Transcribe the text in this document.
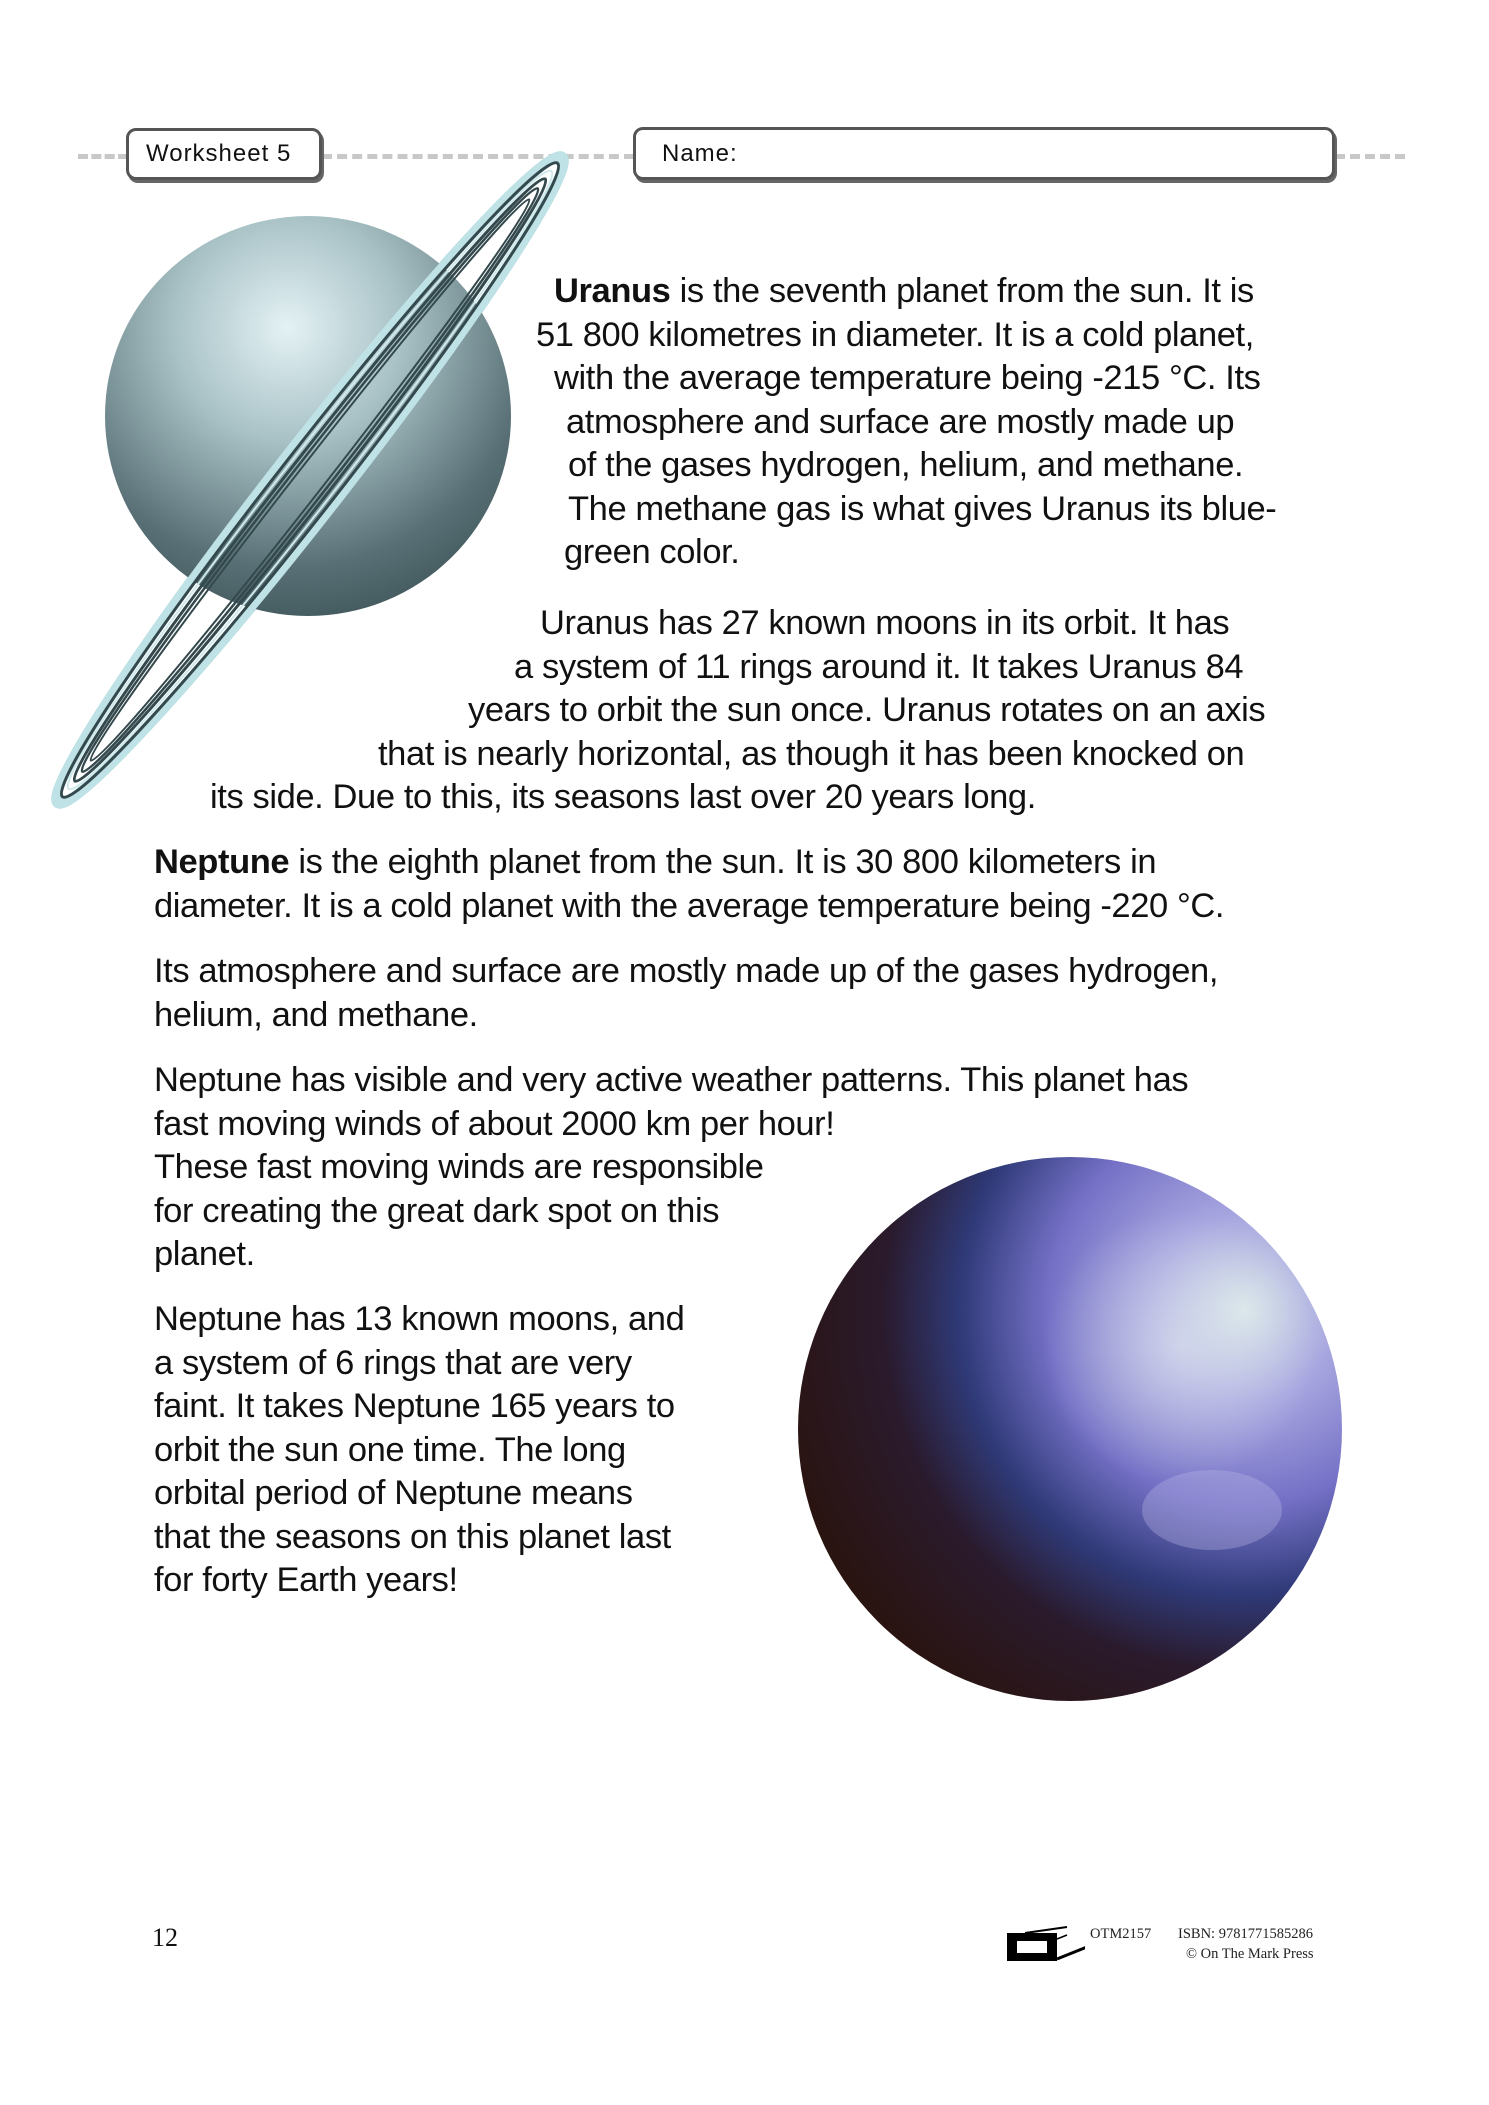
Worksheet 5	Name:
Uranus is the seventh planet from the sun. It is
51 800 kilometres in diameter. It is a cold planet,
with the average temperature being -215 °C. Its
atmosphere and surface are mostly made up
of the gases hydrogen, helium, and methane.
The methane gas is what gives Uranus its blue-
green color.
Uranus has 27 known moons in its orbit. It has
a system of 11 rings around it. It takes Uranus 84
years to orbit the sun once. Uranus rotates on an axis
that is nearly horizontal, as though it has been knocked on
its side. Due to this, its seasons last over 20 years long.
Neptune is the eighth planet from the sun. It is 30 800 kilometers in
diameter. It is a cold planet with the average temperature being -220 °C.
Its atmosphere and surface are mostly made up of the gases hydrogen,
helium, and methane.
Neptune has visible and very active weather patterns. This planet has
fast moving winds of about 2000 km per hour!
These fast moving winds are responsible
for creating the great dark spot on this
planet.
Neptune has 13 known moons, and
a system of 6 rings that are very
faint. It takes Neptune 165 years to
orbit the sun one time. The long
orbital period of Neptune means
that the seasons on this planet last
for forty Earth years!
12	OTM2157 ISBN: 9781771585286
© On The Mark Press
